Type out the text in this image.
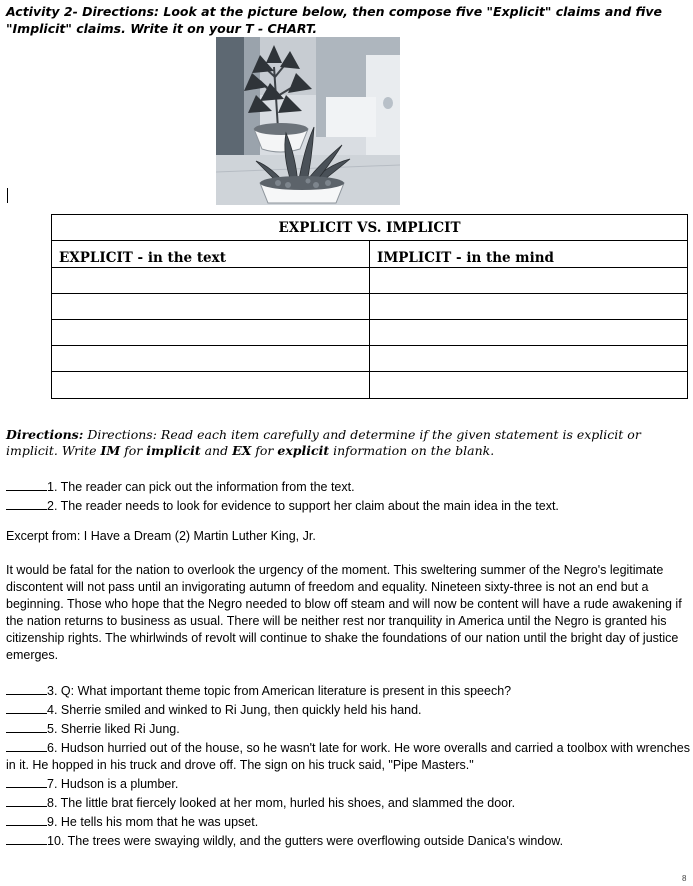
Activity 2- Directions: Look at the picture below, then compose five "Explicit" claims and five "Implicit" claims. Write it on your T - CHART.
EXPLICIT VS. IMPLICIT	
EXPLICIT - in the text	IMPLICIT - in the mind

Directions: Directions: Read each item carefully and determine if the given statement is explicit or implicit. Write IM for implicit and EX for explicit information on the blank.
1. The reader can pick out the information from the text.
2. The reader needs to look for evidence to support her claim about the main idea in the text.
Excerpt from: I Have a Dream (2) Martin Luther King, Jr.
It would be fatal for the nation to overlook the urgency of the moment. This sweltering summer of the Negro's legitimate discontent will not pass until an invigorating autumn of freedom and equality. Nineteen sixty-three is not an end but a beginning. Those who hope that the Negro needed to blow off steam and will now be content will have a rude awakening if the nation returns to business as usual. There will be neither rest nor tranquility in America until the Negro is granted his citizenship rights. The whirlwinds of revolt will continue to shake the foundations of our nation until the bright day of justice emerges.
3. Q: What important theme topic from American literature is present in this speech?
4. Sherrie smiled and winked to Ri Jung, then quickly held his hand.
5. Sherrie liked Ri Jung.
6. Hudson hurried out of the house, so he wasn't late for work. He wore overalls and carried a toolbox with wrenches in it. He hopped in his truck and drove off. The sign on his truck said, "Pipe Masters."
7. Hudson is a plumber.
8. The little brat fiercely looked at her mom, hurled his shoes, and slammed the door.
9. He tells his mom that he was upset.
10. The trees were swaying wildly, and the gutters were overflowing outside Danica's window.
8
